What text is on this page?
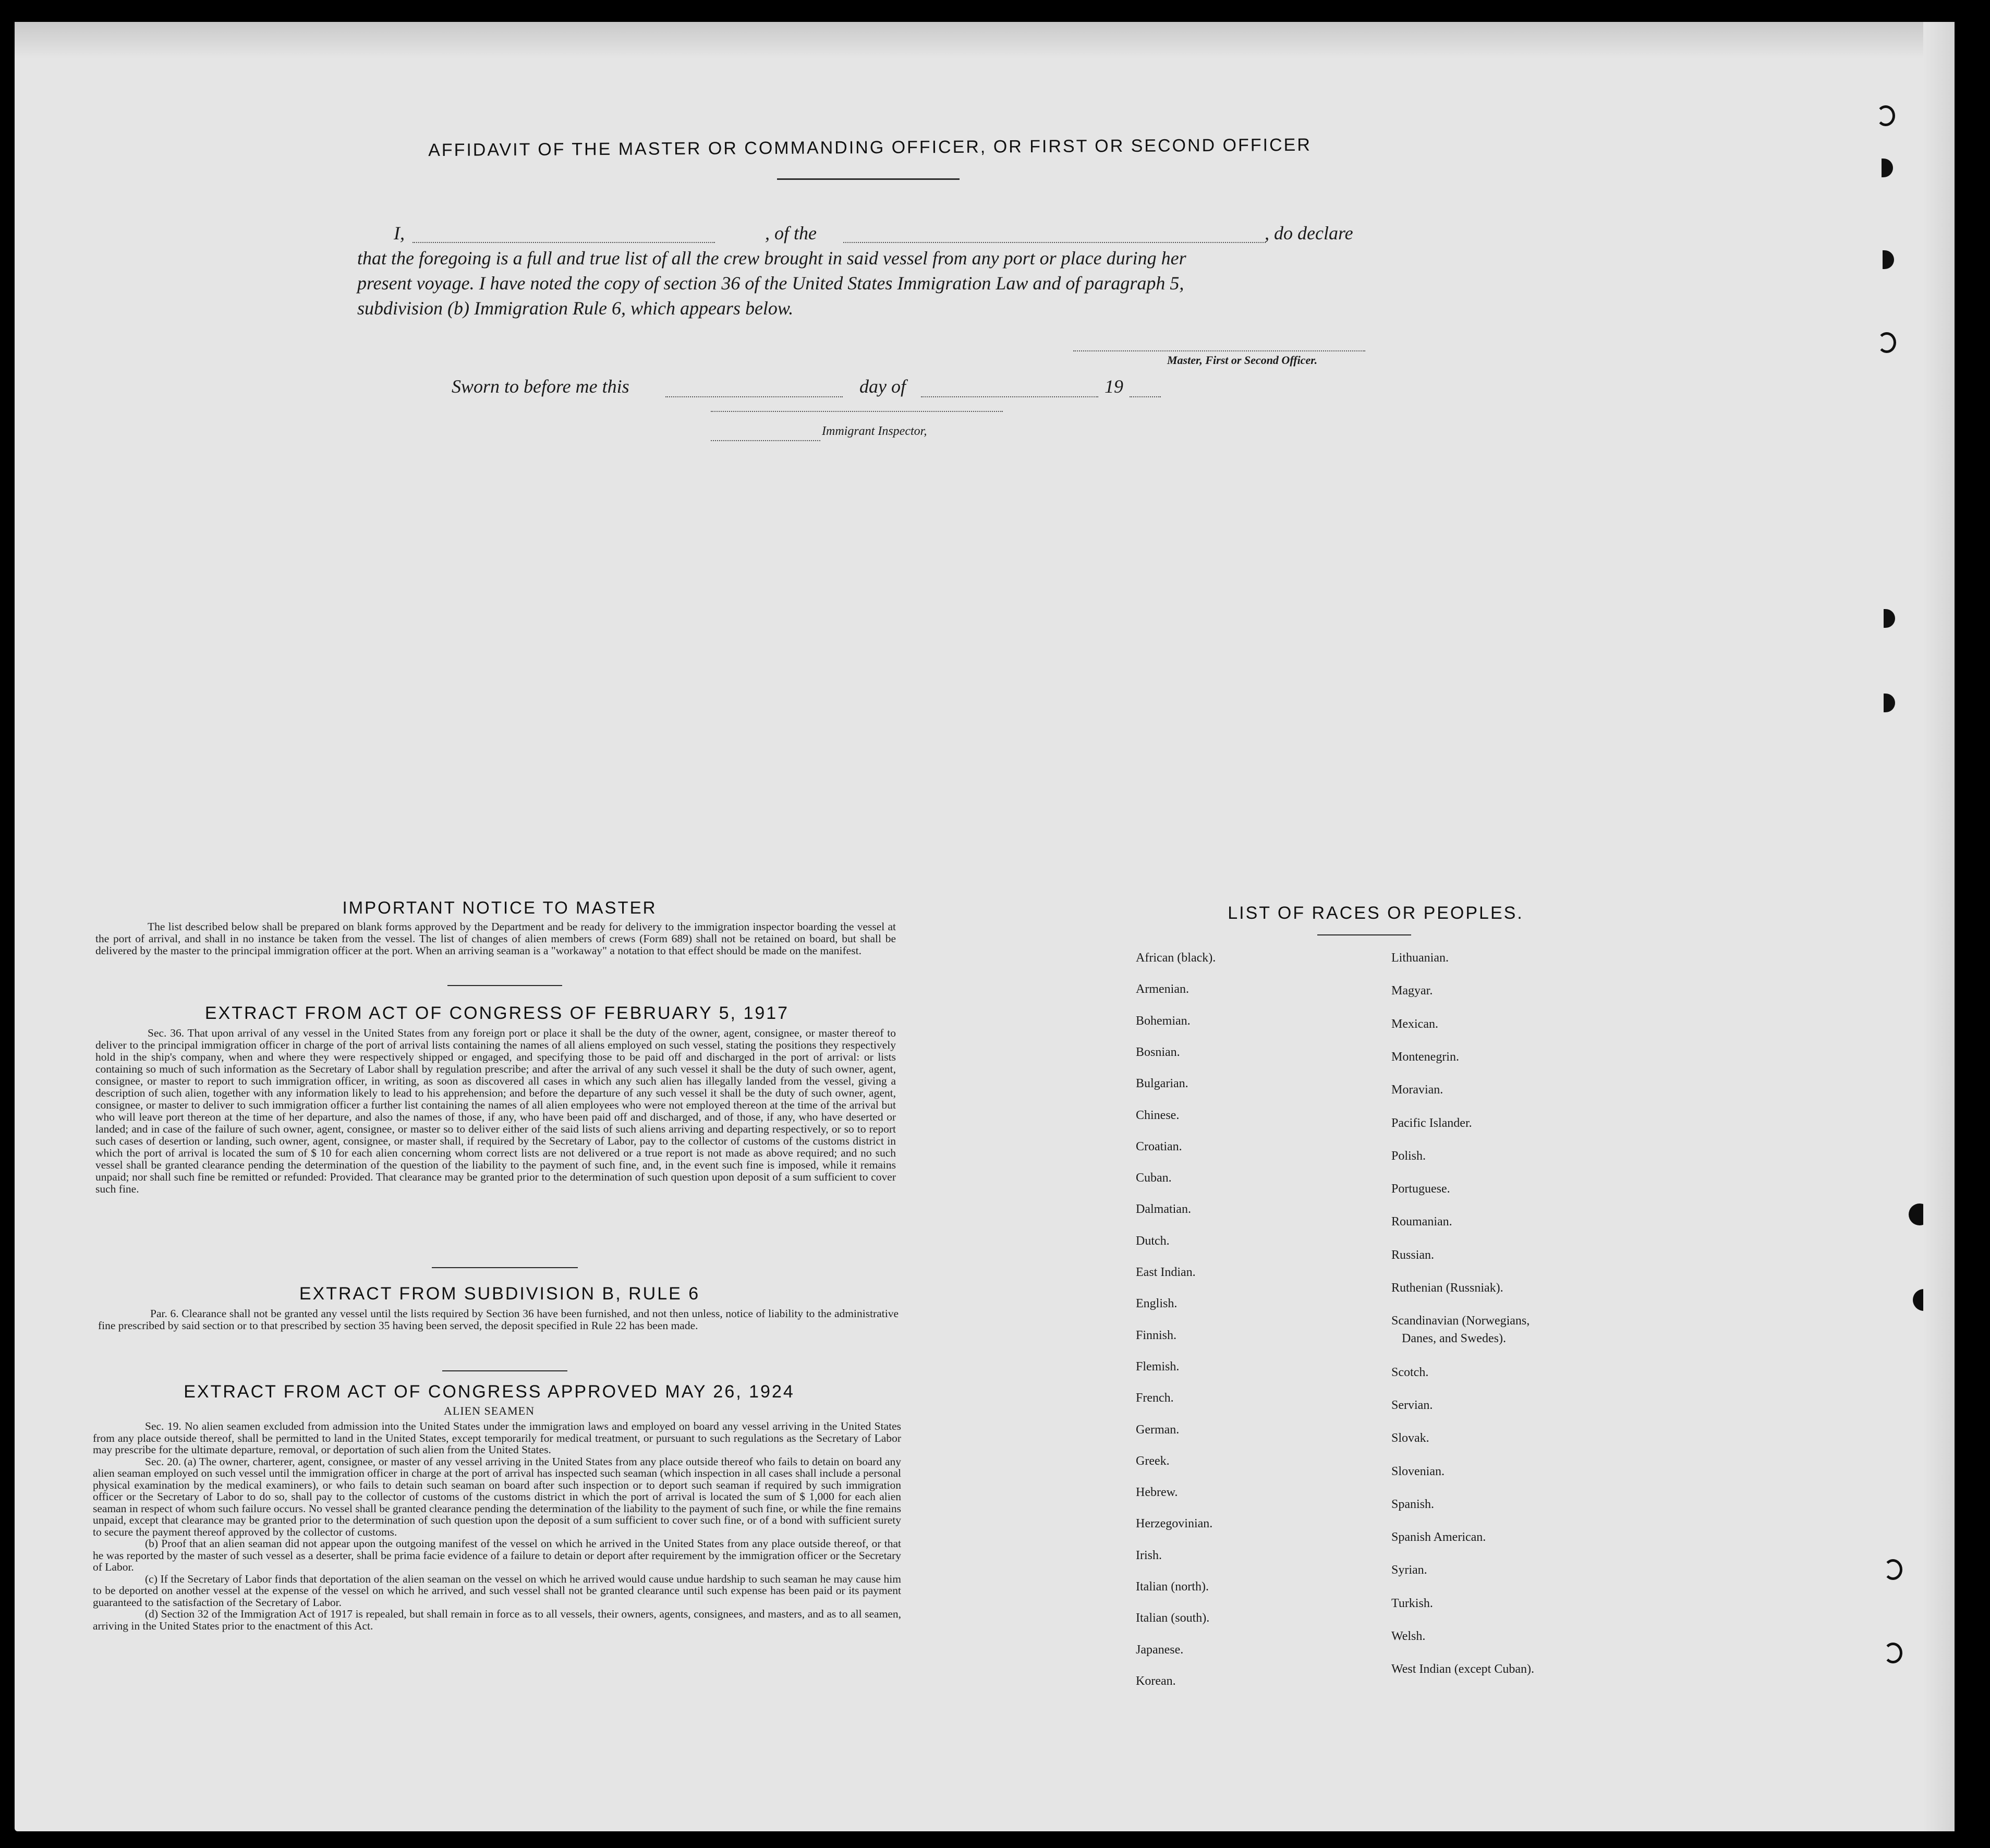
AFFIDAVIT OF THE MASTER OR COMMANDING OFFICER, OR FIRST OR SECOND OFFICER
I,	, of the	, do declare
that the foregoing is a full and true list of all the crew brought in said vessel from any port or place during her
present voyage. I have noted the copy of section 36 of the United States Immigration Law and of paragraph 5,
subdivision (b) Immigration Rule 6, which appears below.
Master, First or Second Officer.
Sworn to before me this	day of	19
Immigrant Inspector,
IMPORTANT NOTICE TO MASTER

The list described below shall be prepared on blank forms approved by the Department and be ready for delivery to the immigration inspector boarding the vessel at the port of arrival, and shall in no instance be taken from the vessel. The list of changes of alien members of crews (Form 689) shall not be retained on board, but shall be delivered by the master to the principal immigration officer at the port. When an arriving seaman is a "workaway" a notation to that effect should be made on the manifest.

EXTRACT FROM ACT OF CONGRESS OF FEBRUARY 5, 1917

Sec. 36. That upon arrival of any vessel in the United States from any foreign port or place it shall be the duty of the owner, agent, consignee, or master thereof to deliver to the principal immigration officer in charge of the port of arrival lists containing the names of all aliens employed on such vessel, stating the positions they respectively hold in the ship's company, when and where they were respectively shipped or engaged, and specifying those to be paid off and discharged in the port of arrival: or lists containing so much of such information as the Secretary of Labor shall by regulation prescribe; and after the arrival of any such vessel it shall be the duty of such owner, agent, consignee, or master to report to such immigration officer, in writing, as soon as discovered all cases in which any such alien has illegally landed from the vessel, giving a description of such alien, together with any information likely to lead to his apprehension; and before the departure of any such vessel it shall be the duty of such owner, agent, consignee, or master to deliver to such immigration officer a further list containing the names of all alien employees who were not employed thereon at the time of the arrival but who will leave port thereon at the time of her departure, and also the names of those, if any, who have been paid off and discharged, and of those, if any, who have deserted or landed; and in case of the failure of such owner, agent, consignee, or master so to deliver either of the said lists of such aliens arriving and departing respectively, or so to report such cases of desertion or landing, such owner, agent, consignee, or master shall, if required by the Secretary of Labor, pay to the collector of customs of the customs district in which the port of arrival is located the sum of $ 10 for each alien concerning whom correct lists are not delivered or a true report is not made as above required; and no such vessel shall be granted clearance pending the determination of the question of the liability to the payment of such fine, and, in the event such fine is imposed, while it remains unpaid; nor shall such fine be remitted or refunded: Provided. That clearance may be granted prior to the determination of such question upon deposit of a sum sufficient to cover such fine.

EXTRACT FROM SUBDIVISION B, RULE 6

Par. 6. Clearance shall not be granted any vessel until the lists required by Section 36 have been furnished, and not then unless, notice of liability to the administrative fine prescribed by said section or to that prescribed by section 35 having been served, the deposit specified in Rule 22 has been made.

EXTRACT FROM ACT OF CONGRESS APPROVED MAY 26, 1924
ALIEN SEAMEN

Sec. 19. No alien seamen excluded from admission into the United States under the immigration laws and employed on board any vessel arriving in the United States from any place outside thereof, shall be permitted to land in the United States, except temporarily for medical treatment, or pursuant to such regulations as the Secretary of Labor may prescribe for the ultimate departure, removal, or deportation of such alien from the United States.

Sec. 20. (a) The owner, charterer, agent, consignee, or master of any vessel arriving in the United States from any place outside thereof who fails to detain on board any alien seaman employed on such vessel until the immigration officer in charge at the port of arrival has inspected such seaman (which inspection in all cases shall include a personal physical examination by the medical examiners), or who fails to detain such seaman on board after such inspection or to deport such seaman if required by such immigration officer or the Secretary of Labor to do so, shall pay to the collector of customs of the customs district in which the port of arrival is located the sum of $ 1,000 for each alien seaman in respect of whom such failure occurs. No vessel shall be granted clearance pending the determination of the liability to the payment of such fine, or while the fine remains unpaid, except that clearance may be granted prior to the determination of such question upon the deposit of a sum sufficient to cover such fine, or of a bond with sufficient surety to secure the payment thereof approved by the collector of customs.

(b) Proof that an alien seaman did not appear upon the outgoing manifest of the vessel on which he arrived in the United States from any place outside thereof, or that he was reported by the master of such vessel as a deserter, shall be prima facie evidence of a failure to detain or deport after requirement by the immigration officer or the Secretary of Labor.

(c) If the Secretary of Labor finds that deportation of the alien seaman on the vessel on which he arrived would cause undue hardship to such seaman he may cause him to be deported on another vessel at the expense of the vessel on which he arrived, and such vessel shall not be granted clearance until such expense has been paid or its payment guaranteed to the satisfaction of the Secretary of Labor.

(d) Section 32 of the Immigration Act of 1917 is repealed, but shall remain in force as to all vessels, their owners, agents, consignees, and masters, and as to all seamen, arriving in the United States prior to the enactment of this Act.

LIST OF RACES OR PEOPLES.
African (black).
Armenian.
Bohemian.
Bosnian.
Bulgarian.
Chinese.
Croatian.
Cuban.
Dalmatian.
Dutch.
East Indian.
English.
Finnish.
Flemish.
French.
German.
Greek.
Hebrew.
Herzegovinian.
Irish.
Italian (north).
Italian (south).
Japanese.
Korean.
Lithuanian.
Magyar.
Mexican.
Montenegrin.
Moravian.
Pacific Islander.
Polish.
Portuguese.
Roumanian.
Russian.
Ruthenian (Russniak).
Scandinavian (Norwegians,
Danes, and Swedes).
Scotch.
Servian.
Slovak.
Slovenian.
Spanish.
Spanish American.
Syrian.
Turkish.
Welsh.
West Indian (except Cuban).
